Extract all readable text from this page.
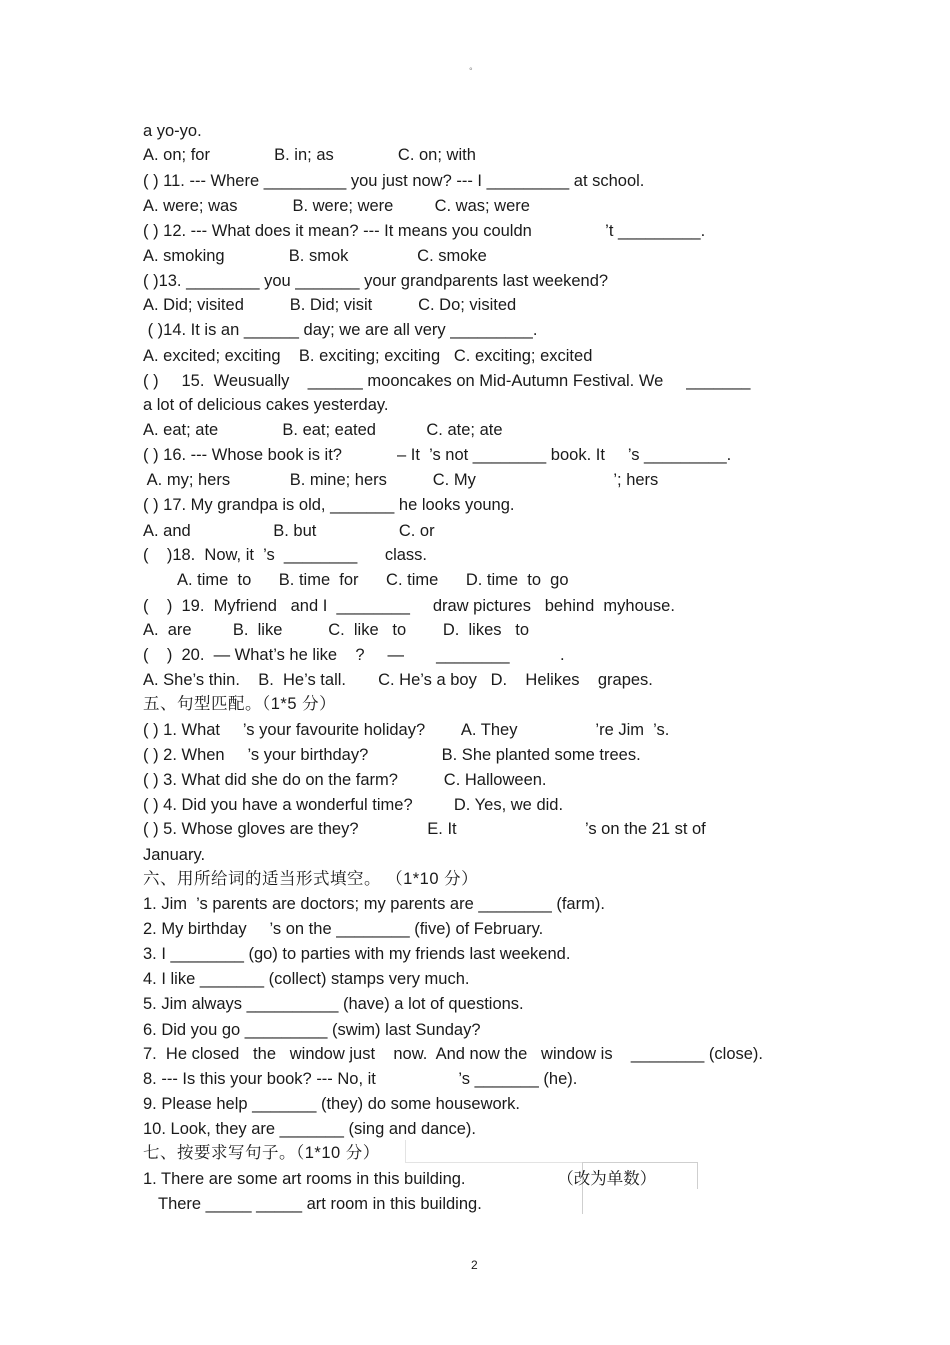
°
a yo-yo.
A. on; for              B. in; as              C. on; with
( ) 11. --- Where _________ you just now? --- I _________ at school.
A. were; was            B. were; were         C. was; were
( ) 12. --- What does it mean? --- It means you couldn                ’t _________.
A. smoking              B. smok               C. smoke
( )13. ________ you _______ your grandparents last weekend?
A. Did; visited          B. Did; visit          C. Do; visited
( )14. It is an ______ day; we are all very _________.
A. excited; exciting    B. exciting; exciting   C. exciting; excited
( )     15.  Weusually    ______ mooncakes on Mid-Autumn Festival. We     _______
a lot of delicious cakes yesterday.
A. eat; ate              B. eat; eated           C. ate; ate
( ) 16. --- Whose book is it?            – It  ’s not ________ book. It     ’s _________.
A. my; hers             B. mine; hers          C. My                              ’; hers
( ) 17. My grandpa is old, _______ he looks young.
A. and                  B. but                  C. or
(    )18.  Now, it  ’s  ________      class.
A. time  to      B. time  for      C. time      D. time  to  go
(    )  19.  Myfriend   and I  ________     draw pictures   behind  myhouse.
A.  are         B.  like          C.  like   to        D.  likes   to
(    )  20.  — What’s he like    ?     —       ________           .
A. She’s thin.    B.  He’s tall.       C. He’s a boy   D.    Helikes    grapes.
五、句型匹配。（1*5 分）
( ) 1. What     ’s your favourite holiday?        A. They                 ’re Jim  ’s.
( ) 2. When     ’s your birthday?                B. She planted some trees.
( ) 3. What did she do on the farm?          C. Halloween.
( ) 4. Did you have a wonderful time?         D. Yes, we did.
( ) 5. Whose gloves are they?               E. It                            ’s on the 21 st of
January.
六、用所给词的适当形式填空。 （1*10 分）
1. Jim  ’s parents are doctors; my parents are ________ (farm).
2. My birthday     ’s on the ________ (five) of February.
3. I ________ (go) to parties with my friends last weekend.
4. I like _______ (collect) stamps very much.
5. Jim always __________ (have) a lot of questions.
6. Did you go _________ (swim) last Sunday?
7.  He closed   the   window just    now.  And now the   window is    ________ (close).
8. --- Is this your book? --- No, it                  ’s _______ (he).
9. Please help _______ (they) do some housework.
10. Look, they are _______ (sing and dance).
七、按要求写句子。（1*10 分）
1. There are some art rooms in this building.                    （改为单数）
There _____ _____ art room in this building.
2
